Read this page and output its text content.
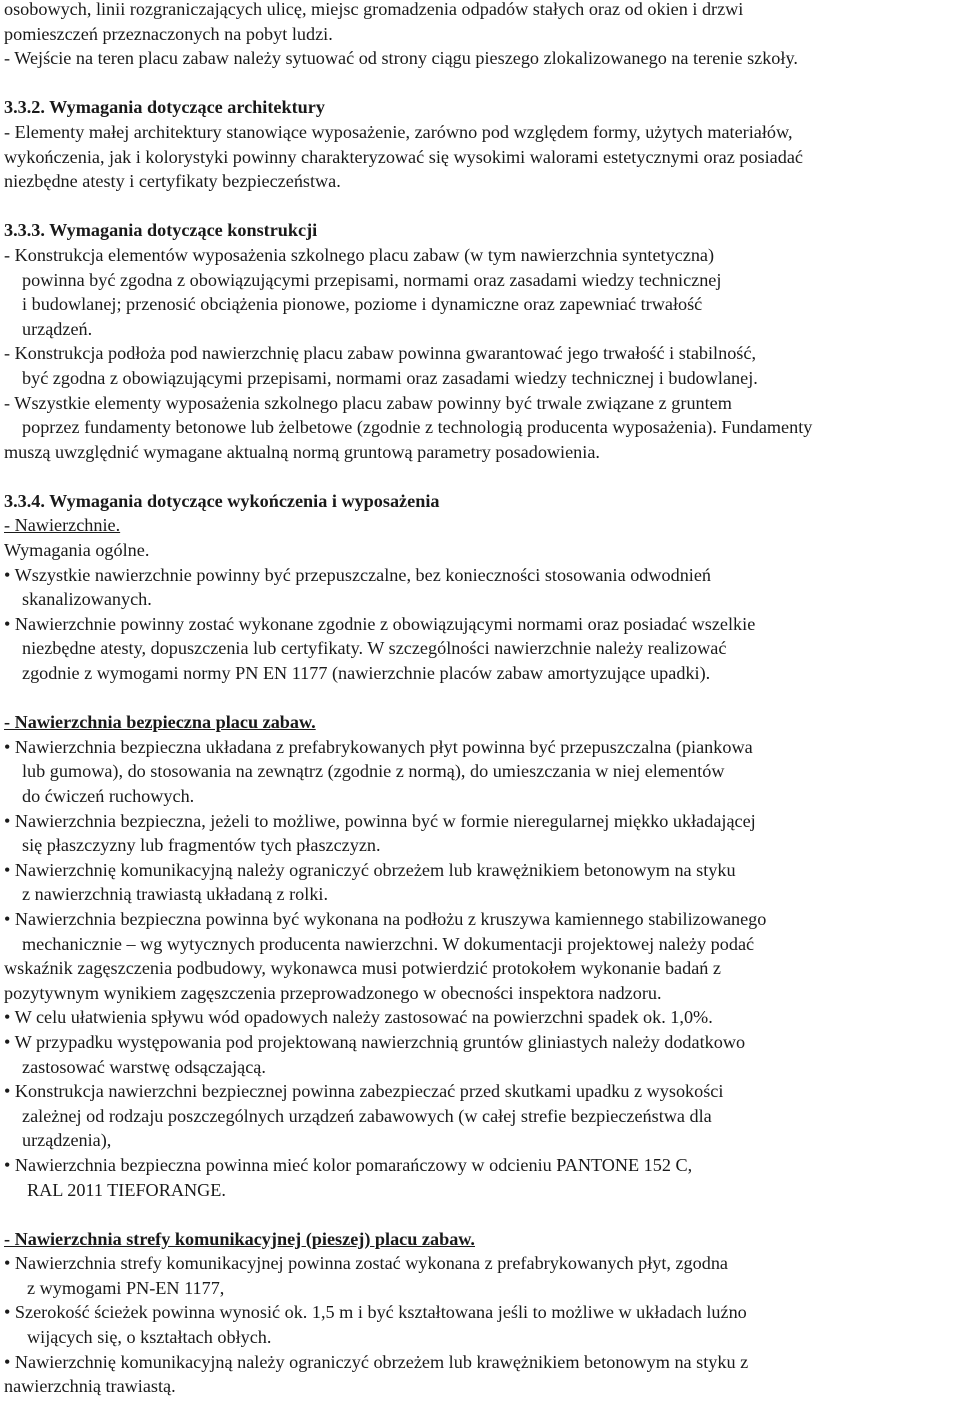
osobowych, linii rozgraniczających ulicę, miejsc gromadzenia odpadów stałych oraz od okien i drzwi

pomieszczeń przeznaczonych na pobyt ludzi.

- Wejście na teren placu zabaw należy sytuować od strony ciągu pieszego zlokalizowanego na terenie szkoły.

3.3.2. Wymagania dotyczące architektury

- Elementy małej architektury stanowiące wyposażenie, zarówno pod względem formy, użytych materiałów,

wykończenia, jak i kolorystyki powinny charakteryzować się wysokimi walorami estetycznymi oraz posiadać

niezbędne atesty i certyfikaty bezpieczeństwa.

3.3.3. Wymagania dotyczące konstrukcji

- Konstrukcja elementów wyposażenia szkolnego placu zabaw (w tym nawierzchnia syntetyczna)

powinna być zgodna z obowiązującymi przepisami, normami oraz zasadami wiedzy technicznej

i budowlanej; przenosić obciążenia pionowe, poziome i dynamiczne oraz zapewniać trwałość

urządzeń.

- Konstrukcja podłoża pod nawierzchnię placu zabaw powinna gwarantować jego trwałość i stabilność,

być zgodna z obowiązującymi przepisami, normami oraz zasadami wiedzy technicznej i budowlanej.

- Wszystkie elementy wyposażenia szkolnego placu zabaw powinny być trwale związane z gruntem

poprzez fundamenty betonowe lub żelbetowe (zgodnie z technologią producenta wyposażenia). Fundamenty

muszą uwzględnić wymagane aktualną normą gruntową parametry posadowienia.

3.3.4. Wymagania dotyczące wykończenia i wyposażenia

- Nawierzchnie.

Wymagania ogólne.

• Wszystkie nawierzchnie powinny być przepuszczalne, bez konieczności stosowania odwodnień

skanalizowanych.

• Nawierzchnie powinny zostać wykonane zgodnie z obowiązującymi normami oraz posiadać wszelkie

niezbędne atesty, dopuszczenia lub certyfikaty. W szczególności nawierzchnie należy realizować

zgodnie z wymogami normy PN EN 1177 (nawierzchnie placów zabaw amortyzujące upadki).

- Nawierzchnia bezpieczna placu zabaw.

• Nawierzchnia bezpieczna układana z prefabrykowanych płyt powinna być przepuszczalna (piankowa

lub gumowa), do stosowania na zewnątrz (zgodnie z normą), do umieszczania w niej elementów

do ćwiczeń ruchowych.

• Nawierzchnia bezpieczna, jeżeli to możliwe, powinna być w formie nieregularnej miękko układającej

się płaszczyzny lub fragmentów tych płaszczyzn.

• Nawierzchnię komunikacyjną należy ograniczyć obrzeżem lub krawężnikiem betonowym na styku

z nawierzchnią trawiastą układaną z rolki.

• Nawierzchnia bezpieczna powinna być wykonana na podłożu z kruszywa kamiennego stabilizowanego

mechanicznie – wg wytycznych producenta nawierzchni. W dokumentacji projektowej należy podać

wskaźnik zagęszczenia podbudowy, wykonawca musi potwierdzić protokołem wykonanie badań z

pozytywnym wynikiem zagęszczenia przeprowadzonego w obecności inspektora nadzoru.

• W celu ułatwienia spływu wód opadowych należy zastosować na powierzchni spadek ok. 1,0%.

• W przypadku występowania pod projektowaną nawierzchnią gruntów gliniastych należy dodatkowo

zastosować warstwę odsączającą.

• Konstrukcja nawierzchni bezpiecznej powinna zabezpieczać przed skutkami upadku z wysokości

zależnej od rodzaju poszczególnych urządzeń zabawowych (w całej strefie bezpieczeństwa dla

urządzenia),

• Nawierzchnia bezpieczna powinna mieć kolor pomarańczowy w odcieniu PANTONE 152 C,

RAL 2011 TIEFORANGE.

- Nawierzchnia strefy komunikacyjnej (pieszej) placu zabaw.

• Nawierzchnia strefy komunikacyjnej powinna zostać wykonana z prefabrykowanych płyt, zgodna

z wymogami PN-EN 1177,

• Szerokość ścieżek powinna wynosić ok. 1,5 m i być kształtowana jeśli to możliwe w układach luźno

wijących się, o kształtach obłych.

• Nawierzchnię komunikacyjną należy ograniczyć obrzeżem lub krawężnikiem betonowym na styku z

nawierzchnią trawiastą.
